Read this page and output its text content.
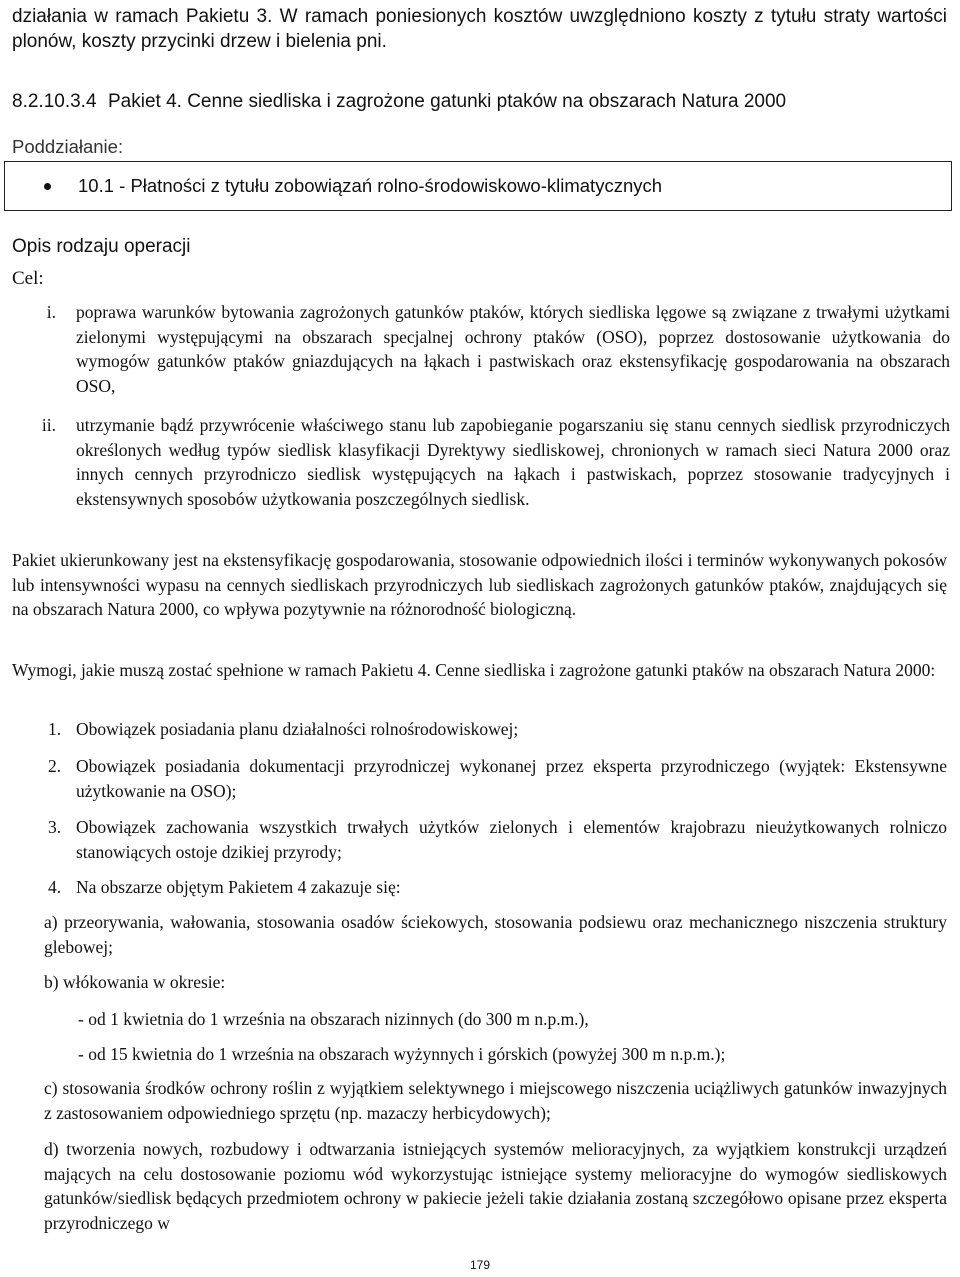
działania w ramach Pakietu 3. W ramach poniesionych kosztów uwzględniono koszty z tytułu straty wartości plonów, koszty przycinki drzew i bielenia pni.
8.2.10.3.4 Pakiet 4. Cenne siedliska i zagrożone gatunki ptaków na obszarach Natura 2000
Poddziałanie:
10.1 - Płatności z tytułu zobowiązań rolno-środowiskowo-klimatycznych
Opis rodzaju operacji
Cel:
i. poprawa warunków bytowania zagrożonych gatunków ptaków, których siedliska lęgowe są związane z trwałymi użytkami zielonymi występującymi na obszarach specjalnej ochrony ptaków (OSO), poprzez dostosowanie użytkowania do wymogów gatunków ptaków gniazdujących na łąkach i pastwiskach oraz ekstensyfikację gospodarowania na obszarach OSO,
ii. utrzymanie bądź przywrócenie właściwego stanu lub zapobieganie pogarszaniu się stanu cennych siedlisk przyrodniczych określonych według typów siedlisk klasyfikacji Dyrektywy siedliskowej, chronionych w ramach sieci Natura 2000 oraz innych cennych przyrodniczo siedlisk występujących na łąkach i pastwiskach, poprzez stosowanie tradycyjnych i ekstensywnych sposobów użytkowania poszczególnych siedlisk.
Pakiet ukierunkowany jest na ekstensyfikację gospodarowania, stosowanie odpowiednich ilości i terminów wykonywanych pokosów lub intensywności wypasu na cennych siedliskach przyrodniczych lub siedliskach zagrożonych gatunków ptaków, znajdujących się na obszarach Natura 2000, co wpływa pozytywnie na różnorodność biologiczną.
Wymogi, jakie muszą zostać spełnione w ramach Pakietu 4. Cenne siedliska i zagrożone gatunki ptaków na obszarach Natura 2000:
1. Obowiązek posiadania planu działalności rolnośrodowiskowej;
2. Obowiązek posiadania dokumentacji przyrodniczej wykonanej przez eksperta przyrodniczego (wyjątek: Ekstensywne użytkowanie na OSO);
3. Obowiązek zachowania wszystkich trwałych użytków zielonych i elementów krajobrazu nieużytkowanych rolniczo stanowiących ostoje dzikiej przyrody;
4. Na obszarze objętym Pakietem 4 zakazuje się:
a) przeorywania, wałowania, stosowania osadów ściekowych, stosowania podsiewu oraz mechanicznego niszczenia struktury glebowej;
b) włókowania w okresie:
- od 1 kwietnia do 1 września na obszarach nizinnych (do 300 m n.p.m.),
- od 15 kwietnia do 1 września na obszarach wyżynnych i górskich (powyżej 300 m n.p.m.);
c) stosowania środków ochrony roślin z wyjątkiem selektywnego i miejscowego niszczenia uciążliwych gatunków inwazyjnych z zastosowaniem odpowiedniego sprzętu (np. mazaczy herbicydowych);
d) tworzenia nowych, rozbudowy i odtwarzania istniejących systemów melioracyjnych, za wyjątkiem konstrukcji urządzeń mających na celu dostosowanie poziomu wód wykorzystując istniejące systemy melioracyjne do wymogów siedliskowych gatunków/siedlisk będących przedmiotem ochrony w pakiecie jeżeli takie działania zostaną szczegółowo opisane przez eksperta przyrodniczego w
179
